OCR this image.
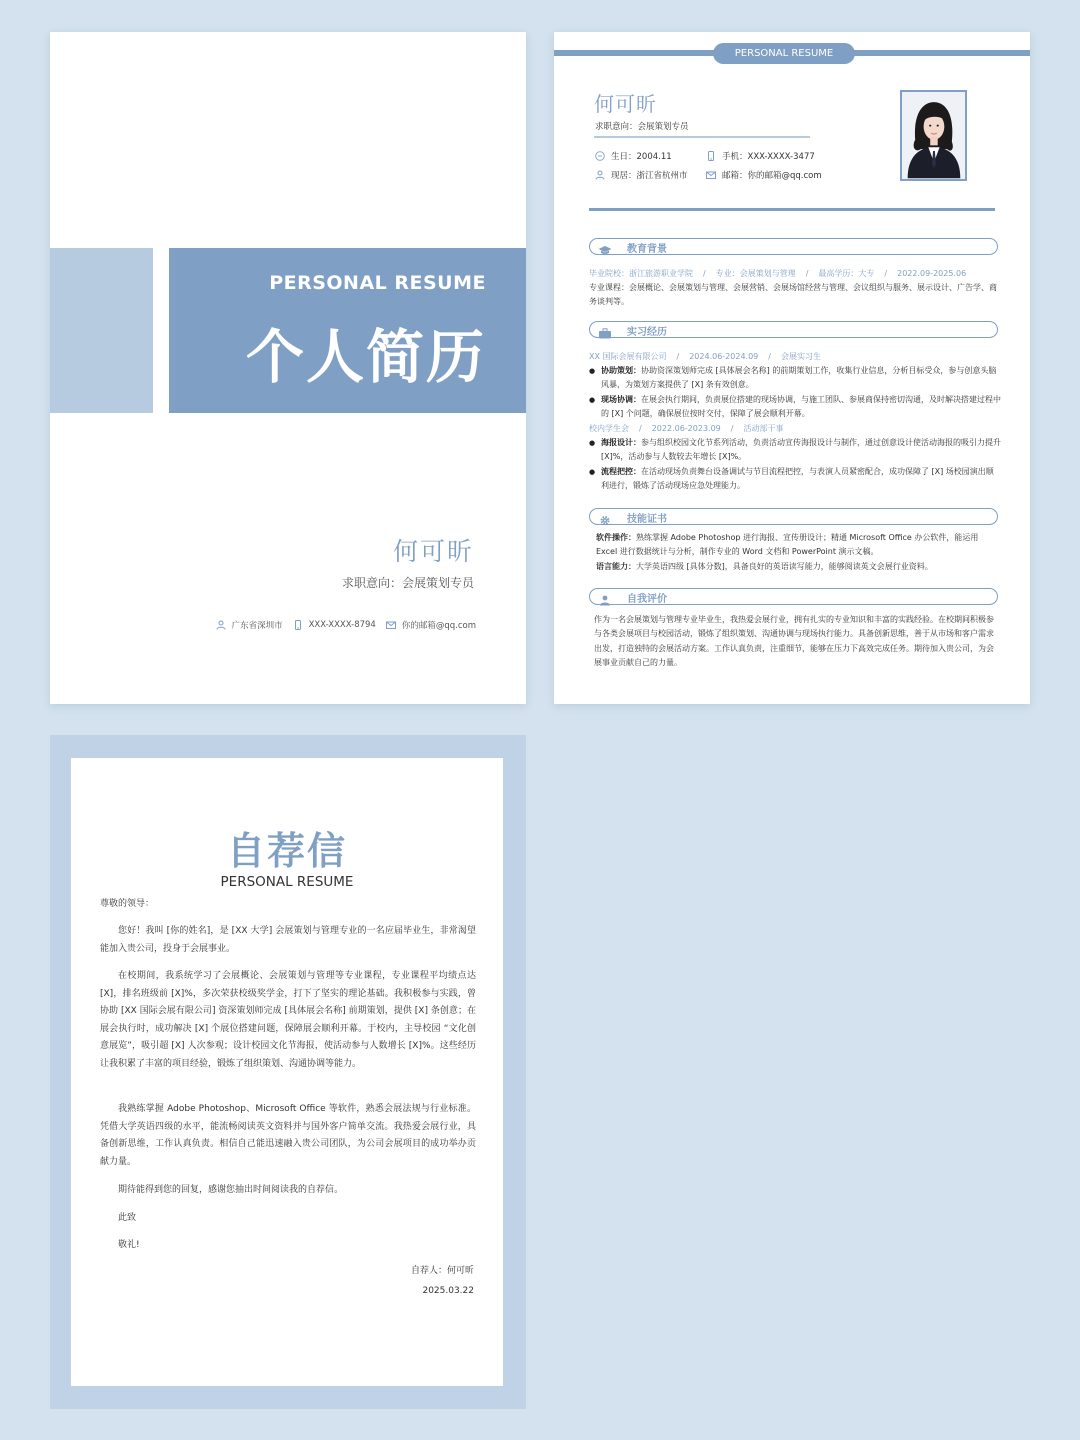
PERSONAL RESUME
个人简历
何可昕
求职意向：会展策划专员
广东省深圳市	XXX-XXXX-8794	你的邮箱@qq.com
PERSONAL RESUME
何可昕
求职意向：会展策划专员
生日：2004.11	手机：XXX-XXXX-3477
现居：浙江省杭州市	邮箱：你的邮箱@qq.com
教育背景
毕业院校：浙江旅游职业学院 / 专业：会展策划与管理 / 最高学历：大专 / 2022.09-2025.06
专业课程：会展概论、会展策划与管理、会展营销、会展场馆经营与管理、会议组织与服务、展示设计、广告学、商务谈判等。
实习经历
XX 国际会展有限公司 / 2024.06-2024.09 / 会展实习生
● 协助策划：协助资深策划师完成 [具体展会名称] 的前期策划工作，收集行业信息，分析目标受众，参与创意头脑风暴，为策划方案提供了 [X] 条有效创意。
● 现场协调：在展会执行期间，负责展位搭建的现场协调，与施工团队、参展商保持密切沟通，及时解决搭建过程中的 [X] 个问题，确保展位按时交付，保障了展会顺利开幕。
校内学生会 / 2022.06-2023.09 / 活动部干事
● 海报设计：参与组织校园文化节系列活动，负责活动宣传海报设计与制作，通过创意设计使活动海报的吸引力提升 [X]%，活动参与人数较去年增长 [X]%。
● 流程把控：在活动现场负责舞台设备调试与节目流程把控，与表演人员紧密配合，成功保障了 [X] 场校园演出顺利进行，锻炼了活动现场应急处理能力。
技能证书
软件操作：熟练掌握 Adobe Photoshop 进行海报、宣传册设计；精通 Microsoft Office 办公软件，能运用 Excel 进行数据统计与分析，制作专业的 Word 文档和 PowerPoint 演示文稿。
语言能力：大学英语四级 [具体分数]，具备良好的英语读写能力，能够阅读英文会展行业资料。
自我评价
作为一名会展策划与管理专业毕业生，我热爱会展行业，拥有扎实的专业知识和丰富的实践经验。在校期间积极参与各类会展项目与校园活动，锻炼了组织策划、沟通协调与现场执行能力。具备创新思维，善于从市场和客户需求出发，打造独特的会展活动方案。工作认真负责，注重细节，能够在压力下高效完成任务。期待加入贵公司，为会展事业贡献自己的力量。
自荐信
PERSONAL RESUME
尊敬的领导：
您好！我叫 [你的姓名]，是 [XX 大学] 会展策划与管理专业的一名应届毕业生，非常渴望能加入贵公司，投身于会展事业。
在校期间，我系统学习了会展概论、会展策划与管理等专业课程，专业课程平均绩点达 [X]，排名班级前 [X]%，多次荣获校级奖学金，打下了坚实的理论基础。我积极参与实践，曾协助 [XX 国际会展有限公司] 资深策划师完成 [具体展会名称] 前期策划，提供 [X] 条创意；在展会执行时，成功解决 [X] 个展位搭建问题，保障展会顺利开幕。于校内，主导校园 “文化创意展览”，吸引超 [X] 人次参观；设计校园文化节海报，使活动参与人数增长 [X]%。这些经历让我积累了丰富的项目经验，锻炼了组织策划、沟通协调等能力。
我熟练掌握 Adobe Photoshop、Microsoft Office 等软件，熟悉会展法规与行业标准。凭借大学英语四级的水平，能流畅阅读英文资料并与国外客户简单交流。我热爱会展行业，具备创新思维，工作认真负责。相信自己能迅速融入贵公司团队，为公司会展项目的成功举办贡献力量。
期待能得到您的回复，感谢您抽出时间阅读我的自荐信。
此致
敬礼!
自荐人：何可昕
2025.03.22
